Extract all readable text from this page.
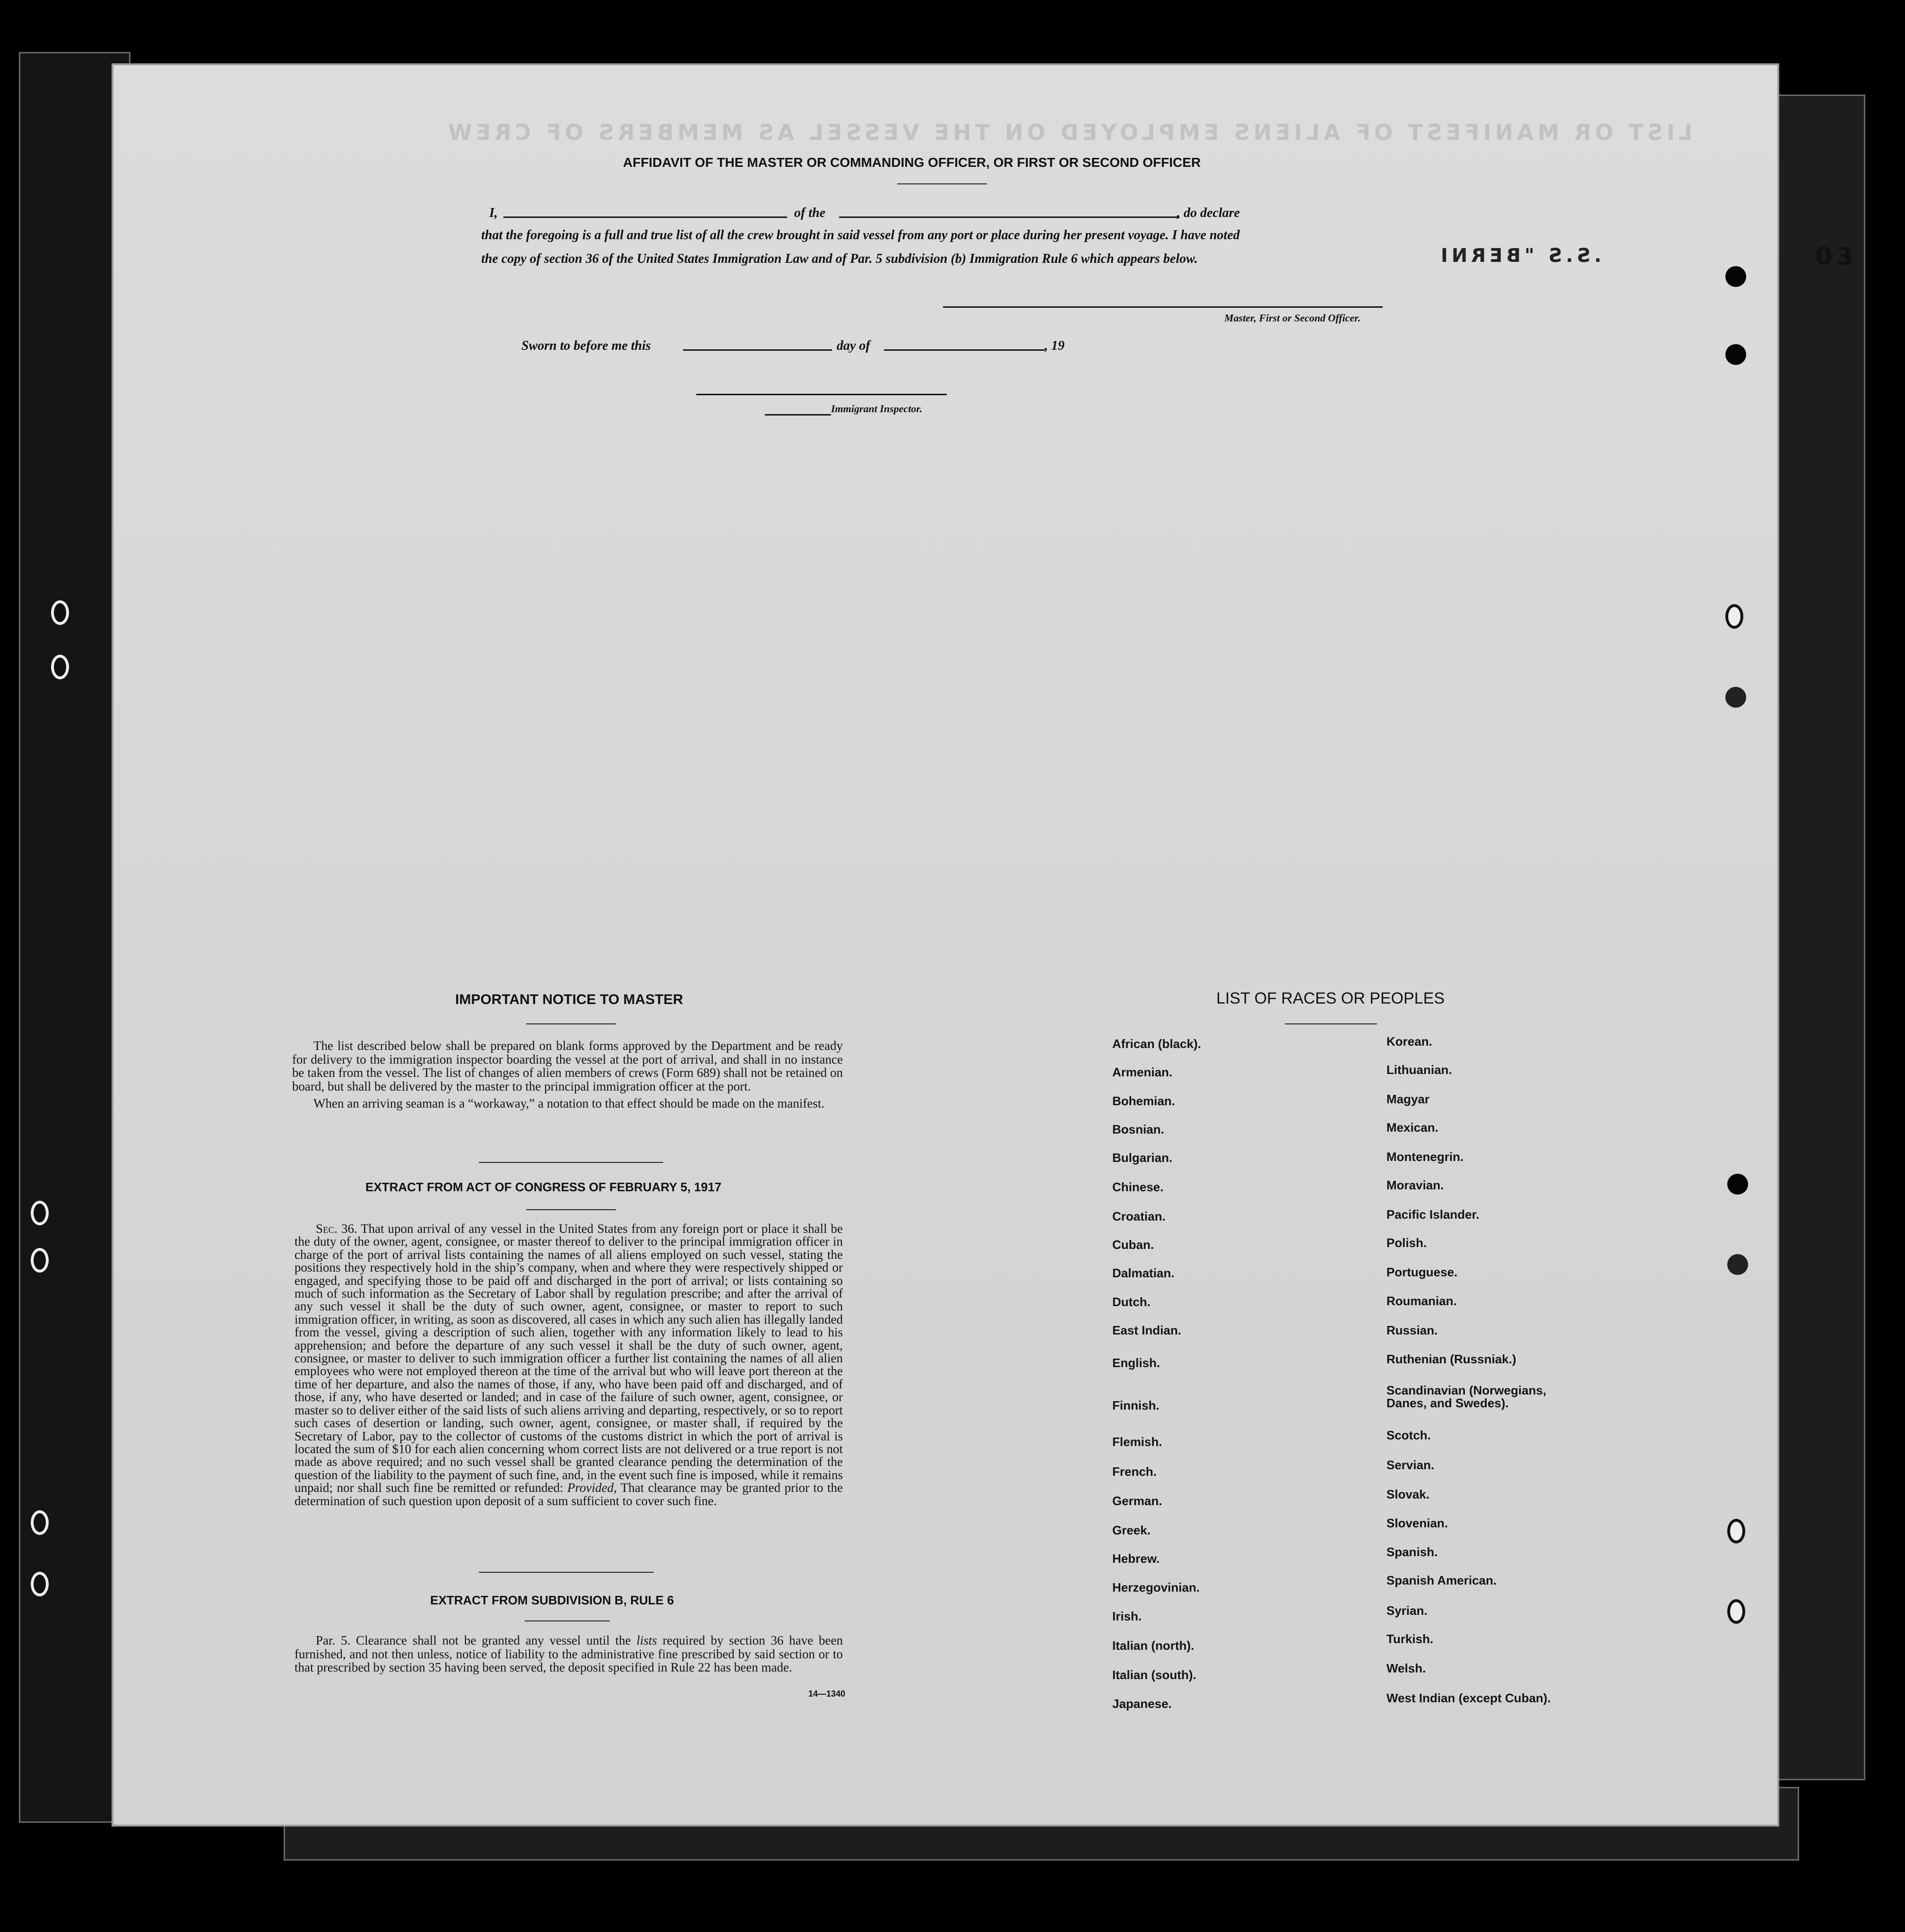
LIST OR MANIFEST OF ALIENS EMPLOYED ON THE VESSEL AS MEMBERS OF CREW
.S.S "BERNI	03
AFFIDAVIT OF THE MASTER OR COMMANDING OFFICER, OR FIRST OR SECOND OFFICER
I,	of the	, do declare
that the foregoing is a full and true list of all the crew brought in said vessel from any port or place during her present voyage. I have noted
the copy of section 36 of the United States Immigration Law and of Par. 5 subdivision (b) Immigration Rule 6 which appears below.
Master, First or Second Officer.
Sworn to before me this	day of	, 19
Immigrant Inspector.
IMPORTANT NOTICE TO MASTER

The list described below shall be prepared on blank forms approved by the Department and be ready for delivery to the immigration inspector boarding the vessel at the port of arrival, and shall in no instance be taken from the vessel. The list of changes of alien members of crews (Form 689) shall not be retained on board, but shall be delivered by the master to the principal immigration officer at the port.

When an arriving seaman is a “workaway,” a notation to that effect should be made on the manifest.

EXTRACT FROM ACT OF CONGRESS OF FEBRUARY 5, 1917

Sec. 36. That upon arrival of any vessel in the United States from any foreign port or place it shall be the duty of the owner, agent, consignee, or master thereof to deliver to the principal immigration officer in charge of the port of arrival lists containing the names of all aliens employed on such vessel, stating the positions they respectively hold in the ship’s company, when and where they were respectively shipped or engaged, and specifying those to be paid off and discharged in the port of arrival; or lists containing so much of such information as the Secretary of Labor shall by regulation prescribe; and after the arrival of any such vessel it shall be the duty of such owner, agent, consignee, or master to report to such immigration officer, in writing, as soon as discovered, all cases in which any such alien has illegally landed from the vessel, giving a description of such alien, together with any information likely to lead to his apprehension; and before the departure of any such vessel it shall be the duty of such owner, agent, consignee, or master to deliver to such immigration officer a further list containing the names of all alien employees who were not employed thereon at the time of the arrival but who will leave port thereon at the time of her departure, and also the names of those, if any, who have been paid off and discharged, and of those, if any, who have deserted or landed; and in case of the failure of such owner, agent, consignee, or master so to deliver either of the said lists of such aliens arriving and departing, respectively, or so to report such cases of desertion or landing, such owner, agent, consignee, or master shall, if required by the Secretary of Labor, pay to the collector of customs of the customs district in which the port of arrival is located the sum of $10 for each alien concerning whom correct lists are not delivered or a true report is not made as above required; and no such vessel shall be granted clearance pending the determination of the question of the liability to the payment of such fine, and, in the event such fine is imposed, while it remains unpaid; nor shall such fine be remitted or refunded: Provided, That clearance may be granted prior to the determination of such question upon deposit of a sum sufficient to cover such fine.

EXTRACT FROM SUBDIVISION B, RULE 6

Par. 5. Clearance shall not be granted any vessel until the lists required by section 36 have been furnished, and not then unless, notice of liability to the administrative fine prescribed by said section or to that prescribed by section 35 having been served, the deposit specified in Rule 22 has been made.

14—1340
LIST OF RACES OR PEOPLES
African (black).
Armenian.
Bohemian.
Bosnian.
Bulgarian.
Chinese.
Croatian.
Cuban.
Dalmatian.
Dutch.
East Indian.
English.
Finnish.
Flemish.
French.
German.
Greek.
Hebrew.
Herzegovinian.
Irish.
Italian (north).
Italian (south).
Japanese.
Korean.
Lithuanian.
Magyar
Mexican.
Montenegrin.
Moravian.
Pacific Islander.
Polish.
Portuguese.
Roumanian.
Russian.
Ruthenian (Russniak.)
Scandinavian (Norwegians,
Danes, and Swedes).
Scotch.
Servian.
Slovak.
Slovenian.
Spanish.
Spanish American.
Syrian.
Turkish.
Welsh.
West Indian (except Cuban).
